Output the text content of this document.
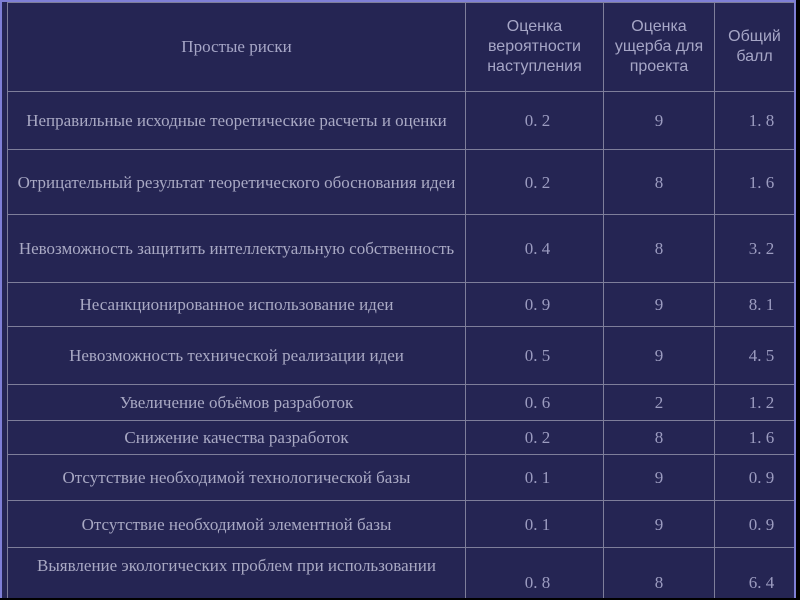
Простые риски	Оценка вероятности наступления	Оценка ущерба для проекта	Общий балл
Неправильные исходные теоретические расчеты и оценки	0. 2	9	1. 8
Отрицательный результат теоретического обоснования идеи	0. 2	8	1. 6
Невозможность защитить интеллектуальную собственность	0. 4	8	3. 2
Несанкционированное использование идеи	0. 9	9	8. 1
Невозможность технической реализации идеи	0. 5	9	4. 5
Увеличение объёмов разработок	0. 6	2	1. 2
Снижение качества разработок	0. 2	8	1. 6
Отсутствие необходимой технологической базы	0. 1	9	0. 9
Отсутствие необходимой элементной базы	0. 1	9	0. 9
Выявление экологических проблем при использовании	0. 8	8	6. 4
